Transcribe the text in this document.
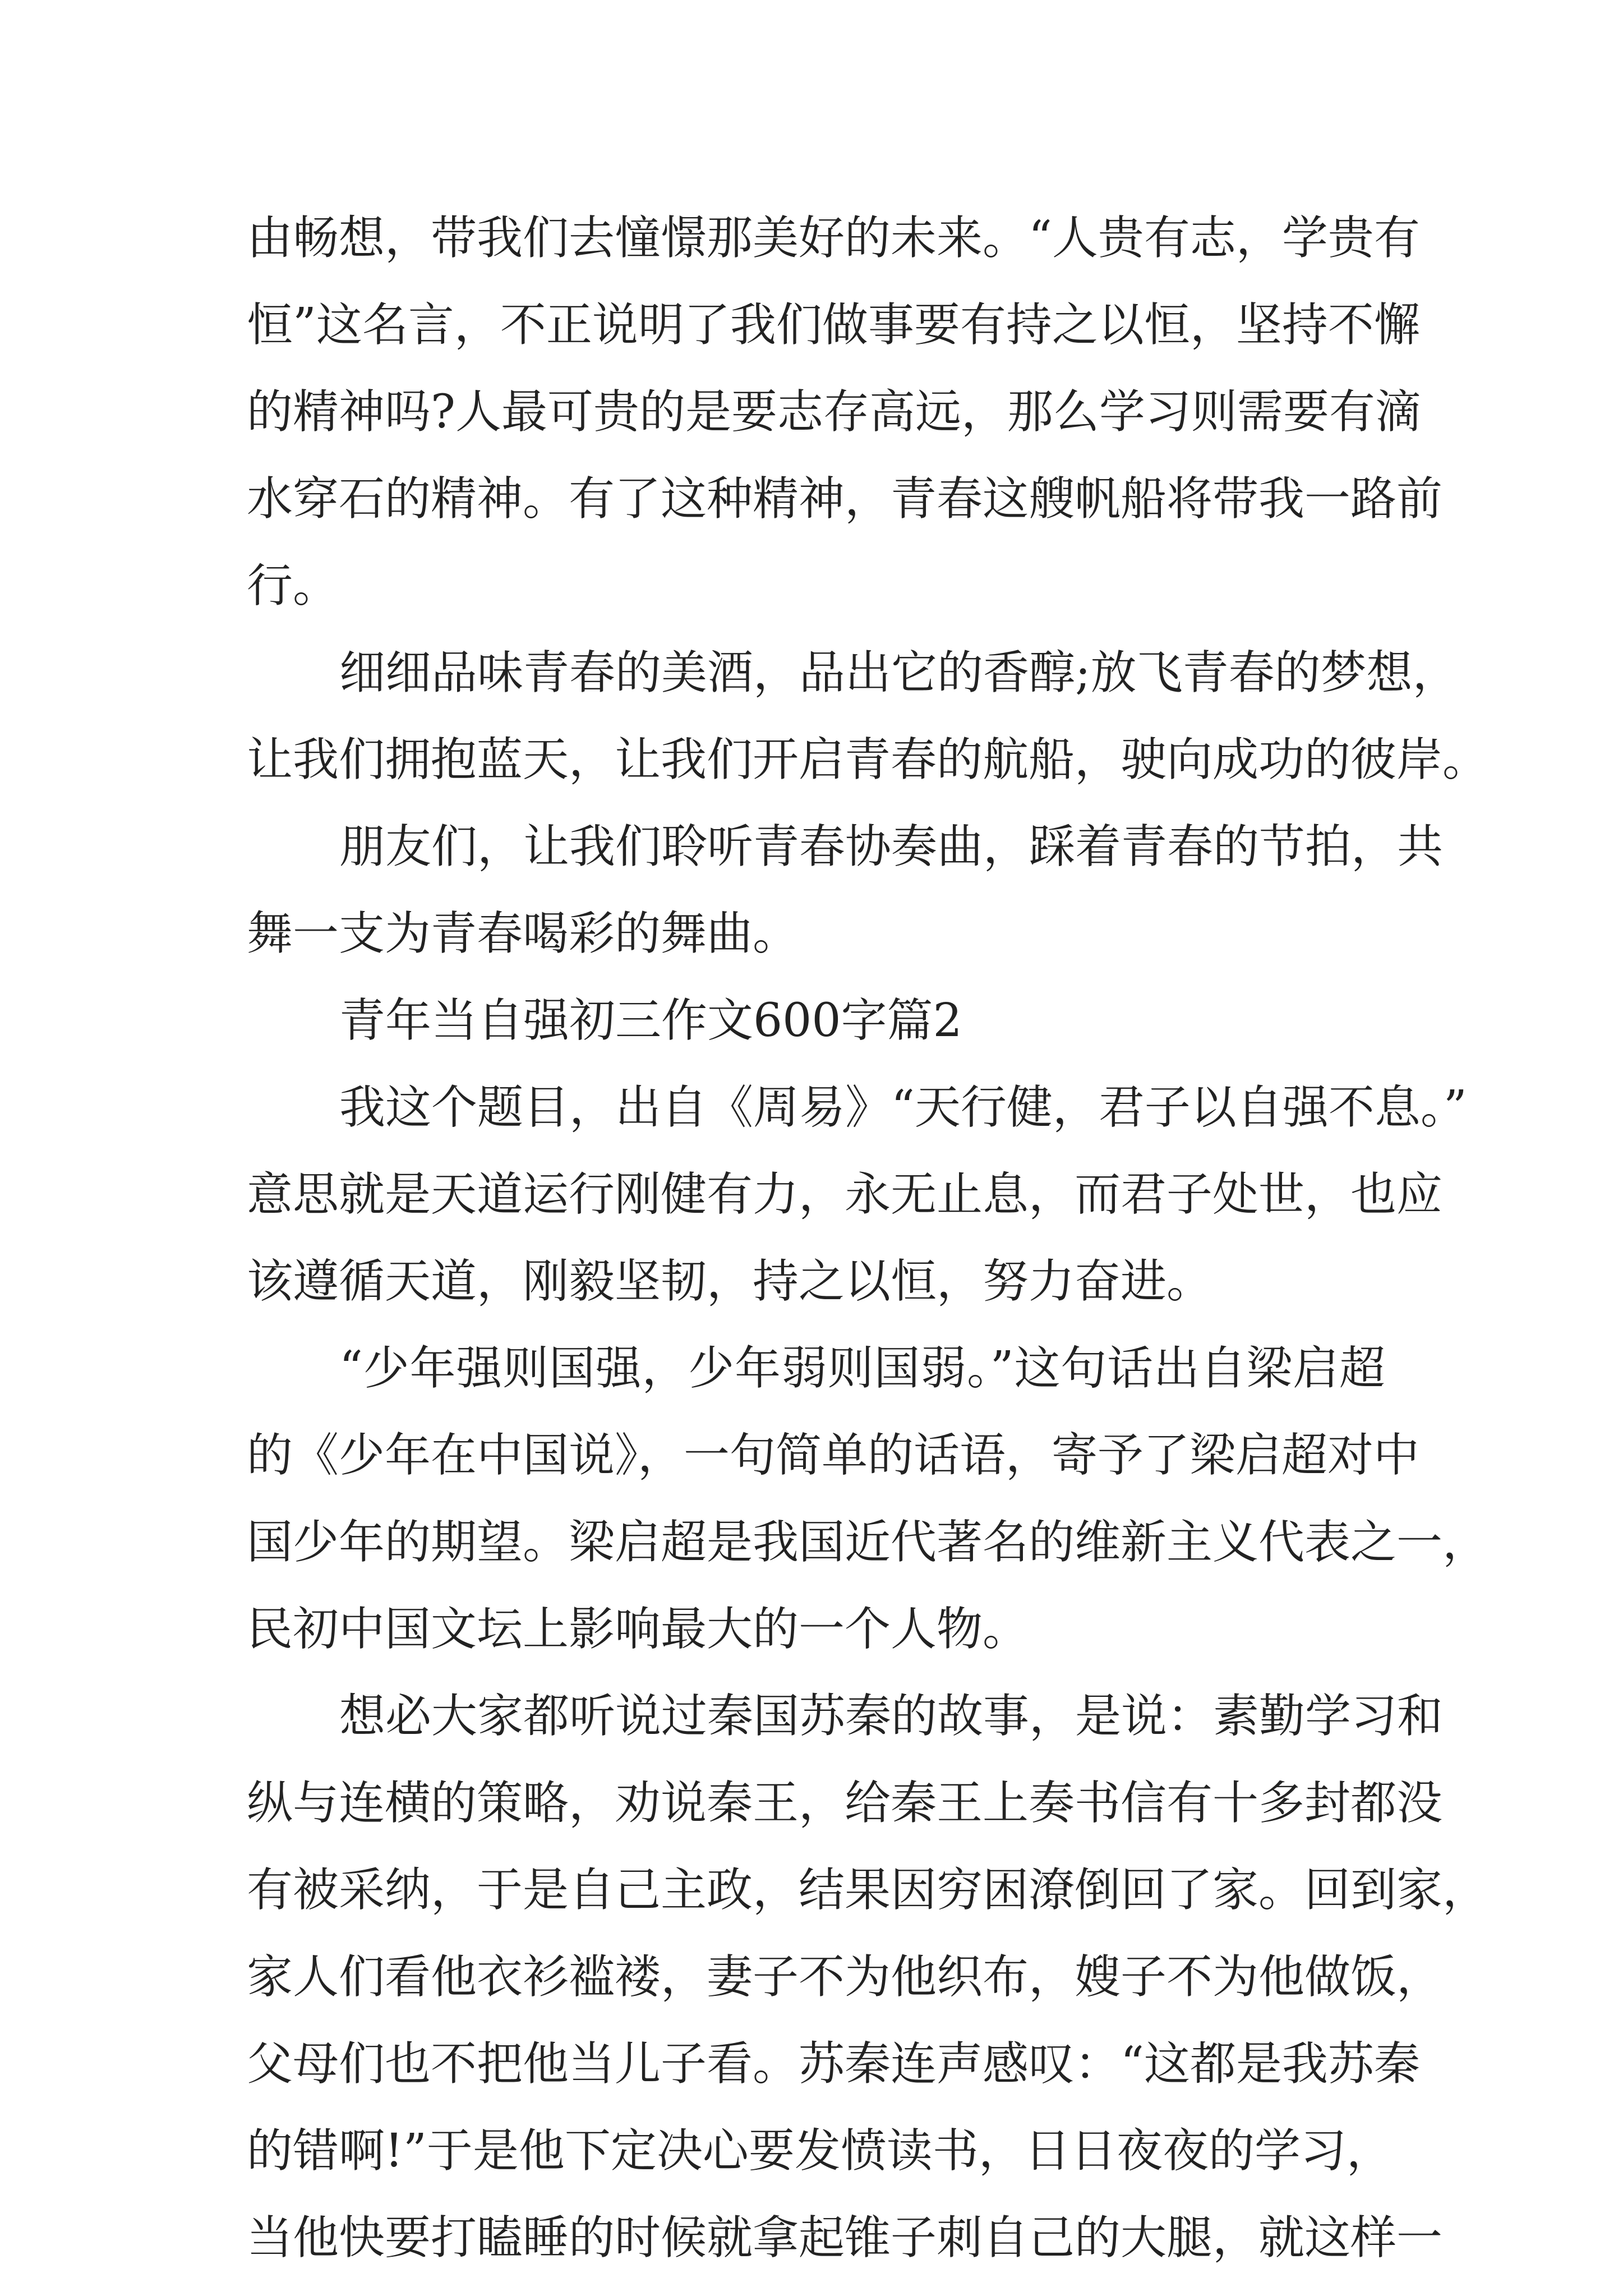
由畅想，带我们去憧憬那美好的未来。“人贵有志，学贵有
恒”这名言，不正说明了我们做事要有持之以恒，坚持不懈
的精神吗?人最可贵的是要志存高远，那么学习则需要有滴
水穿石的精神。有了这种精神，青春这艘帆船将带我一路前
行。
细细品味青春的美酒，品出它的香醇;放飞青春的梦想，
让我们拥抱蓝天，让我们开启青春的航船，驶向成功的彼岸。
朋友们，让我们聆听青春协奏曲，踩着青春的节拍，共
舞一支为青春喝彩的舞曲。
青年当自强初三作文600字篇2
我这个题目，出自《周易》“天行健，君子以自强不息。”
意思就是天道运行刚健有力，永无止息，而君子处世，也应
该遵循天道，刚毅坚韧，持之以恒，努力奋进。
“少年强则国强，少年弱则国弱。”这句话出自梁启超
的《少年在中国说》，一句简单的话语，寄予了梁启超对中
国少年的期望。梁启超是我国近代著名的维新主义代表之一，
民初中国文坛上影响最大的一个人物。
想必大家都听说过秦国苏秦的故事，是说：素勤学习和
纵与连横的策略，劝说秦王，给秦王上奏书信有十多封都没
有被采纳，于是自己主政，结果因穷困潦倒回了家。回到家，
家人们看他衣衫褴褛，妻子不为他织布，嫂子不为他做饭，
父母们也不把他当儿子看。苏秦连声感叹：“这都是我苏秦
的错啊!”于是他下定决心要发愤读书，日日夜夜的学习，
当他快要打瞌睡的时候就拿起锥子刺自己的大腿，就这样一
